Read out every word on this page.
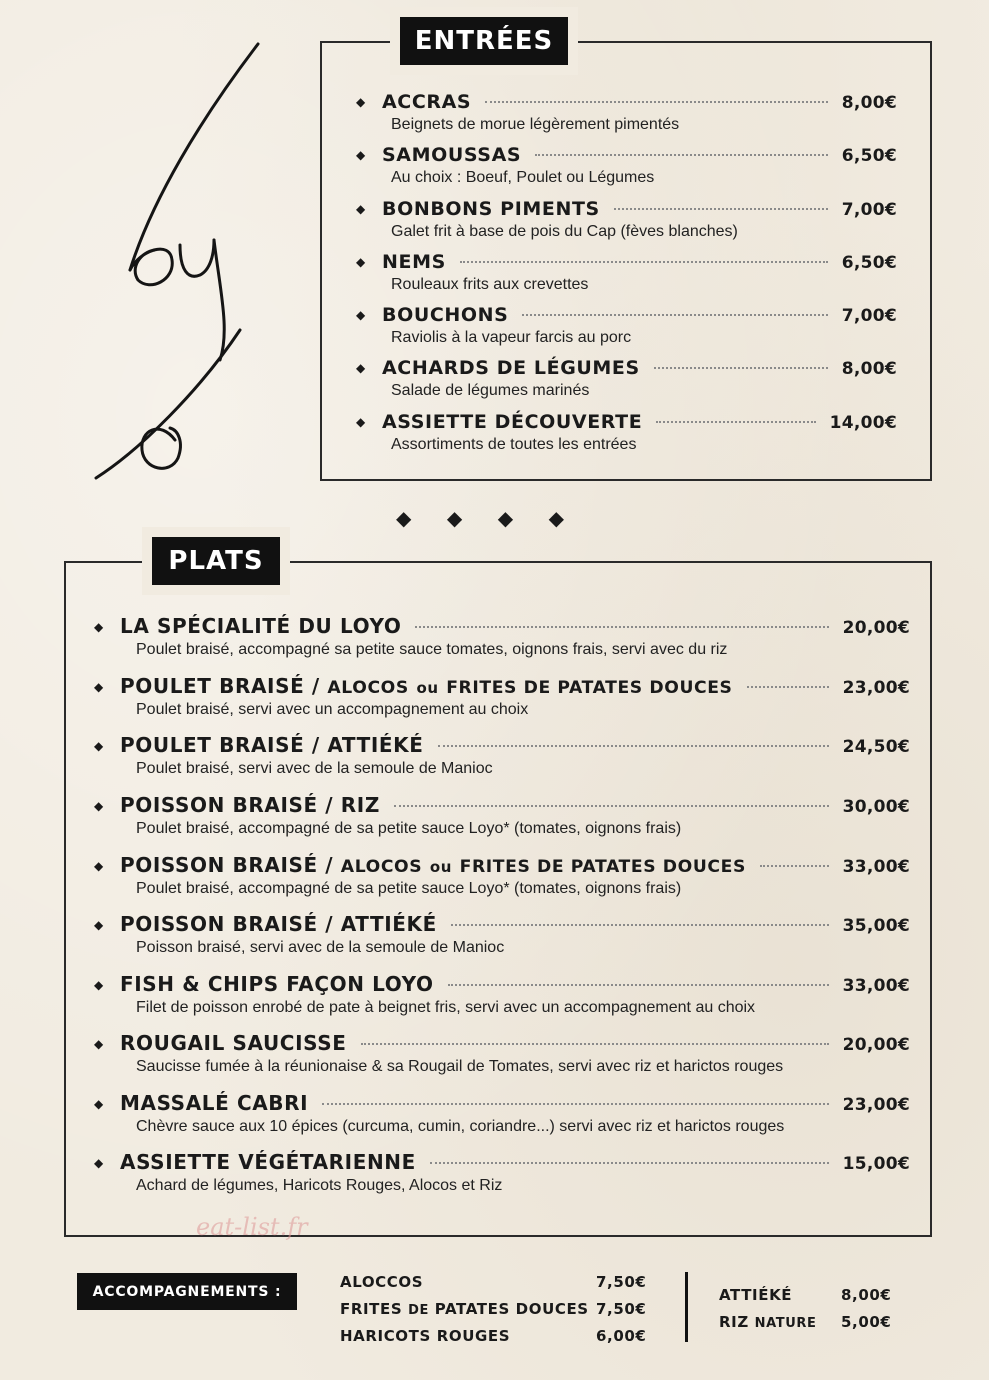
ENTRÉES
◆ ACCRAS	8,00€
Beignets de morue légèrement pimentés
◆ SAMOUSSAS	6,50€
Au choix : Boeuf, Poulet ou Légumes
◆ BONBONS PIMENTS	7,00€
Galet frit à base de pois du Cap (fèves blanches)
◆ NEMS	6,50€
Rouleaux frits aux crevettes
◆ BOUCHONS	7,00€
Raviolis à la vapeur farcis au porc
◆ ACHARDS DE LÉGUMES	8,00€
Salade de légumes marinés
◆ ASSIETTE DÉCOUVERTE	14,00€
Assortiments de toutes les entrées
◆ ◆ ◆ ◆
PLATS
◆ LA SPÉCIALITÉ DU LOYO	20,00€
Poulet braisé, accompagné sa petite sauce tomates, oignons frais, servi avec du riz
◆ POULET BRAISÉ / ALOCOS ou FRITES DE PATATES DOUCES	23,00€
Poulet braisé, servi avec un accompagnement au choix
◆ POULET BRAISÉ / ATTIÉKÉ	24,50€
Poulet braisé, servi avec de la semoule de Manioc
◆ POISSON BRAISÉ / RIZ	30,00€
Poulet braisé, accompagné de sa petite sauce Loyo* (tomates, oignons frais)
◆ POISSON BRAISÉ / ALOCOS ou FRITES DE PATATES DOUCES	33,00€
Poulet braisé, accompagné de sa petite sauce Loyo* (tomates, oignons frais)
◆ POISSON BRAISÉ / ATTIÉKÉ	35,00€
Poisson braisé, servi avec de la semoule de Manioc
◆ FISH & CHIPS FAÇON LOYO	33,00€
Filet de poisson enrobé de pate à beignet fris, servi avec un accompagnement au choix
◆ ROUGAIL SAUCISSE	20,00€
Saucisse fumée à la réunionaise & sa Rougail de Tomates, servi avec riz et harictos rouges
◆ MASSALÉ CABRI	23,00€
Chèvre sauce aux 10 épices (curcuma, cumin, coriandre...) servi avec riz et harictos rouges
◆ ASSIETTE VÉGÉTARIENNE	15,00€
Achard de légumes, Haricots Rouges, Alocos et Riz
eat-list.fr
ACCOMPAGNEMENTS :
ALOCCOS	7,50€
FRITES DE PATATES DOUCES 7,50€
HARICOTS ROUGES	6,00€
ATTIÉKÉ	8,00€
RIZ NATURE 5,00€
